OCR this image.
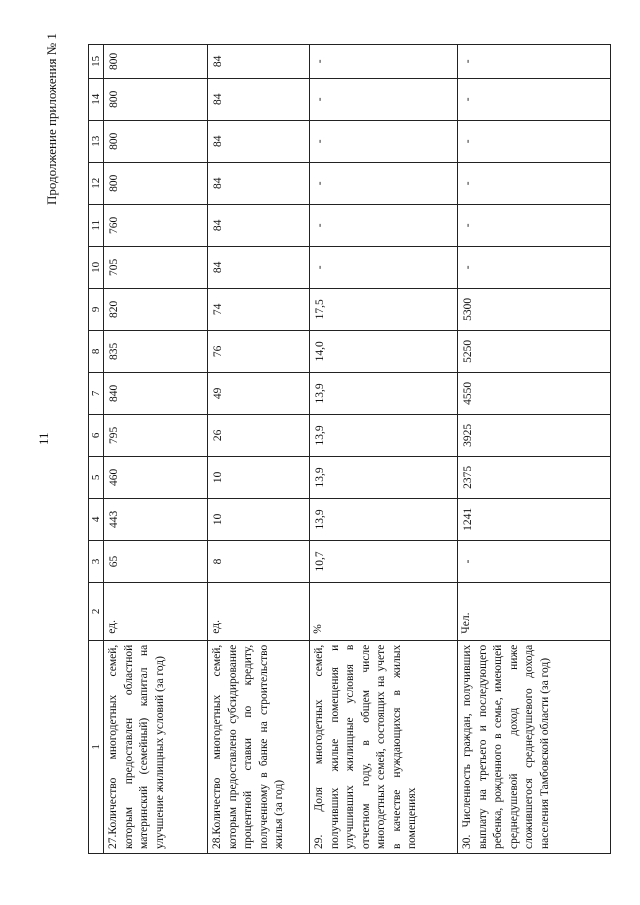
11
Продолжение приложения № 1
1	2	3	4	5	6	7	8	9	10	11	12	13	14	15
27.Количество многодетных семей, которым предоставлен областной материнский (семейный) капитал на улучшение жилищных условий (за год)	ед.	65	443	460	795	840	835	820	705	760	800	800	800	800
28.Количество многодетных семей, которым предоставлено субсидирование процентной ставки по кредиту, полученному в банке на строительство жилья (за год)	ед.	8	10	10	26	49	76	74	84	84	84	84	84	84
29. Доля многодетных семей, получивших жилые помещения и улучшивших жилищные условия в отчетном году, в общем числе многодетных семей, состоящих на учете в качестве нуждающихся в жилых помещениях	%	10,7	13,9	13,9	13,9	13,9	14,0	17,5	-	-	-	-	-	-
30. Численность граждан, получивших выплату на третьего и последующего ребенка, рожденного в семье, имеющей среднедушевой доход ниже сложившегося среднедушевого дохода населения Тамбовской области (за год)	Чел.	-	1241	2375	3925	4550	5250	5300	-	-	-	-	-	-
